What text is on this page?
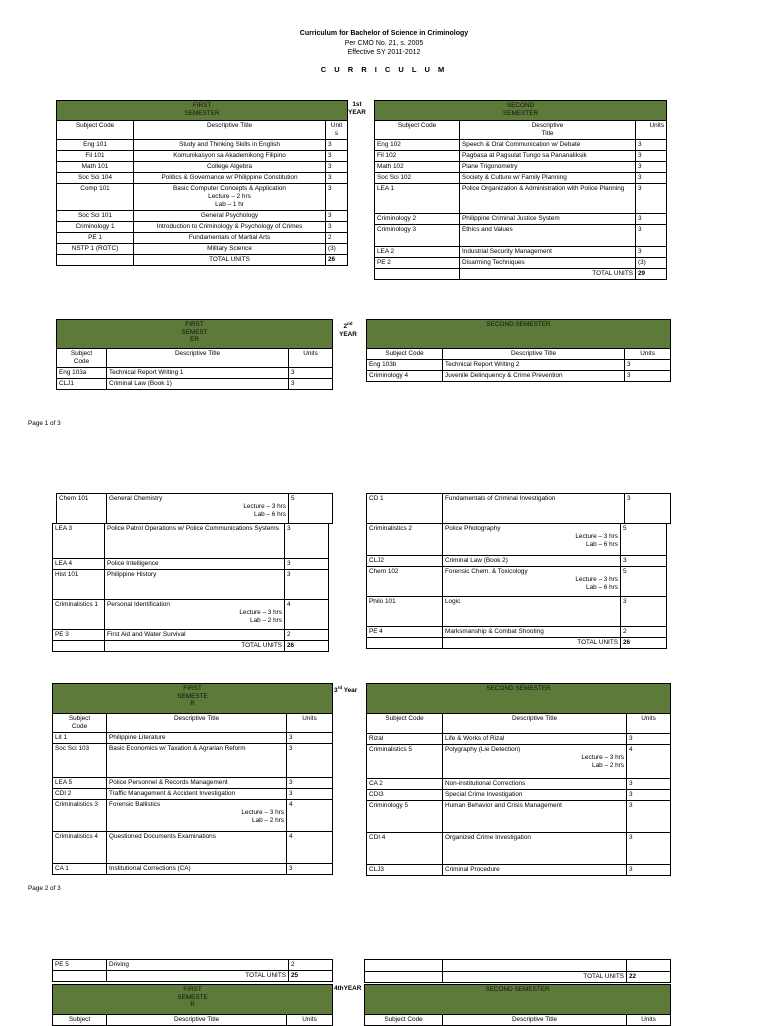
Curriculum for Bachelor of Science in Criminology
Per CMO No. 21, s. 2005
Effective SY 2011-2012
C U R R I C U L U M
FIRST
SEMESTER		

Subject Code	Descriptive Title	Unit
s

Eng 101	Study and Thinking Skills in English	3
Fil 101	Komunikasyon sa Akademikong Filipino	3
Math 101	College Algebra	3
Soc Sci 104	Politics & Governance w/ Philippine Constitution	3
Comp 101	Basic Computer Concepts & Application
Lecture – 2 hrs
Lab – 1 hr	3
Soc Sci 101	General Psychology	3
Criminology 1	Introduction to Criminology & Psychology of Crimes	3
PE 1	Fundamentals of Martial Arts	2
NSTP 1 (ROTC)	Military Science	(3)
	TOTAL UNITS	26
1st
YEAR
SECOND
SEMESTER		

Subject Code	Descriptive
Title	Units
Eng 102	Speech & Oral Communication w/ Debate	3
Fil 102	Pagbasa at Pagsulat Tungo sa Pananaliksik	3
Math 102	Plane Trigonometry	3
Soc Sci 102	Society & Culture w/ Family Planning	3
LEA 1	Police Organization & Administration with Police Planning	3
Criminology 2	Philippine Criminal Justice System	3
Criminology 3	Ethics and Values	3
LEA 2	Industrial Security Management	3
PE 2	Disarming Techniques	(3)
	TOTAL UNITS	29
FIRST
SEMEST
ER		

Subject
Code	Descriptive Title	Units
Eng 103a	Technical Report Writing 1	3
CLJ1	Criminal Law (Book 1)	3
2nd
YEAR
SECOND SEMESTER		
Subject Code	Descriptive Title	Units
Eng 103b	Technical Report Writing 2	3
Criminology 4	Juvenile Delinquency & Crime Prevention	3
Page 1 of 3
Chem 101	General Chemistry
Lecture – 3 hrs
Lab – 6 hrs
	5
LEA 3	Police Patrol Operations w/ Police Communications Systems	3
LEA 4	Police Intelligence	3
Hist 101	Philippine History	3
Criminalistics 1	Personal Identification
Lecture – 3 hrs
Lab – 2 hrs	4
PE 3	First Aid and Water Survival	2
	TOTAL UNITS	26
CD 1	Fundamentals of Criminal Investigation	3
Criminalistics 2	Police Photography
Lecture – 3 hrs
Lab – 6 hrs	5
CLJ2	Criminal Law (Book 2)	3
Chem 102	Forensic Chem. & Toxicology
Lecture – 3 hrs
Lab – 6 hrs	5
Philo 101	Logic	3
PE 4	Marksmanship & Combat Shooting	2
	TOTAL UNITS	26
FIRST
SEMESTE
R		

Subject
Code	Descriptive Title	Units
Lit 1	Philippine Literature	3
Soc Sci 103	Basic Economics w/ Taxation & Agrarian Reform	3
LEA 5	Police Personnel & Records Management	3
CDI 2	Traffic Management & Accident Investigation	3
Criminalistics 3	Forensic Ballistics
Lecture – 3 hrs
Lab – 2 hrs	4
Criminalistics 4	Questioned Documents Examinations	4
CA 1	Institutional Corrections (CA)	3
3rd Year	SECOND SEMESTER		
Subject Code	Descriptive Title	Units
Rizal	Life & Works of Rizal	3
Criminalistics 5	Polygraphy (Lie Detection)
Lecture – 3 hrs
Lab – 2 hrs	4
CA 2	Non-institutional Corrections	3
CDI3	Special Crime Investigation	3
Criminology 5	Human Behavior and Crisis Management	3
CDI 4	Organized Crime Investigation	3
CLJ3	Criminal Procedure	3
Page 2 of 3
PE 5	Driving	2
	TOTAL UNITS	25

		TOTAL UNITS	22
FIRST
SEMESTE
R

Subject	Descriptive Title	Units
4thYEAR	SECOND SEMESTER
Subject Code	Descriptive Title	Units
